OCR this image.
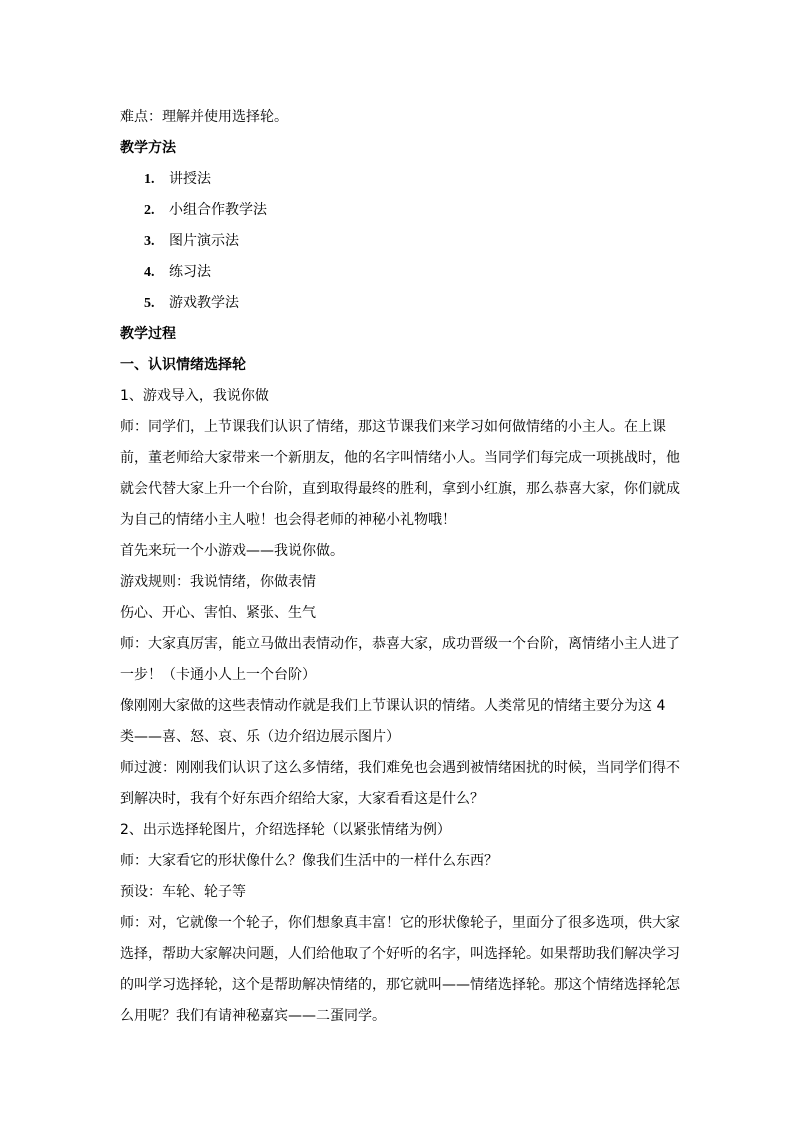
难点：理解并使用选择轮。

教学方法

1.	讲授法
2.	小组合作教学法
3.	图片演示法
4.	练习法
5.	游戏教学法

教学过程

一、认识情绪选择轮

1、游戏导入，我说你做

师：同学们，上节课我们认识了情绪，那这节课我们来学习如何做情绪的小主人。在上课前，董老师给大家带来一个新朋友，他的名字叫情绪小人。当同学们每完成一项挑战时，他就会代替大家上升一个台阶，直到取得最终的胜利，拿到小红旗，那么恭喜大家，你们就成为自己的情绪小主人啦！也会得老师的神秘小礼物哦！

首先来玩一个小游戏——我说你做。

游戏规则：我说情绪，你做表情

伤心、开心、害怕、紧张、生气

师：大家真厉害，能立马做出表情动作，恭喜大家，成功晋级一个台阶，离情绪小主人进了一步！（卡通小人上一个台阶）

像刚刚大家做的这些表情动作就是我们上节课认识的情绪。人类常见的情绪主要分为这 4 类——喜、怒、哀、乐（边介绍边展示图片）

师过渡：刚刚我们认识了这么多情绪，我们难免也会遇到被情绪困扰的时候，当同学们得不到解决时，我有个好东西介绍给大家，大家看看这是什么？

2、出示选择轮图片，介绍选择轮（以紧张情绪为例）

师：大家看它的形状像什么？像我们生活中的一样什么东西？

预设：车轮、轮子等

师：对，它就像一个轮子，你们想象真丰富！它的形状像轮子，里面分了很多选项，供大家选择，帮助大家解决问题，人们给他取了个好听的名字，叫选择轮。如果帮助我们解决学习的叫学习选择轮，这个是帮助解决情绪的，那它就叫——情绪选择轮。那这个情绪选择轮怎么用呢？我们有请神秘嘉宾——二蛋同学。
